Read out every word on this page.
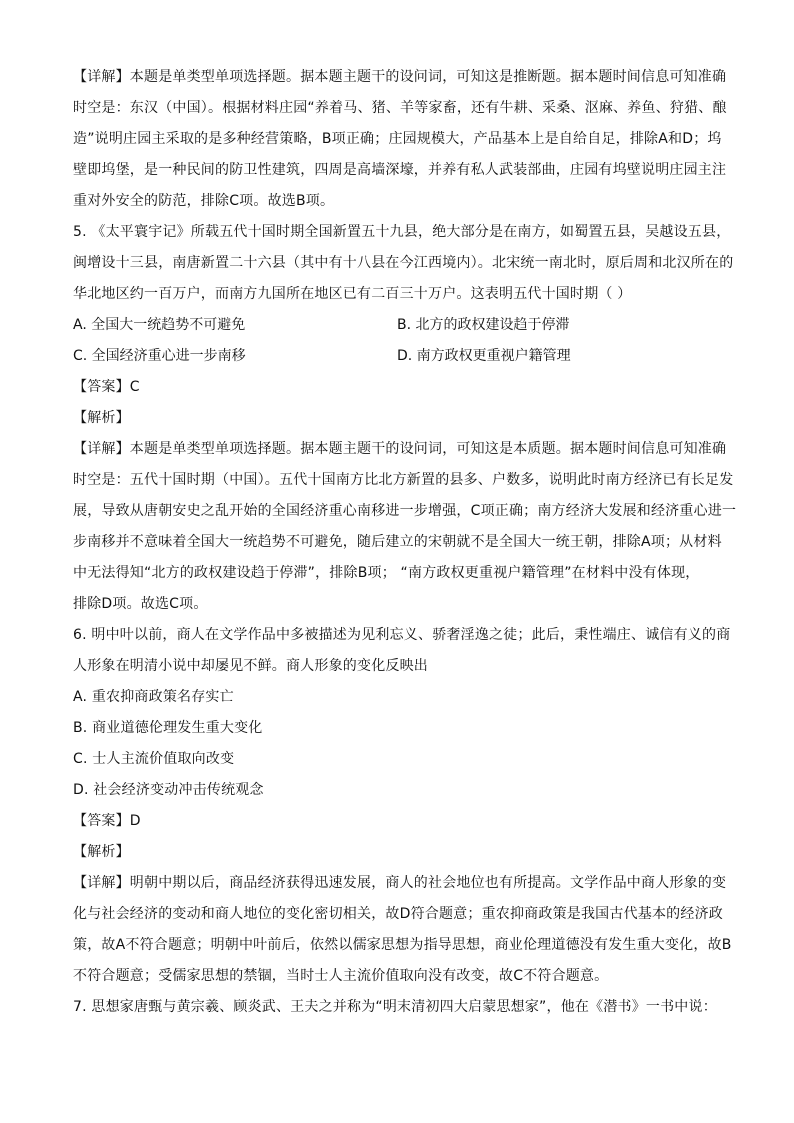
【详解】本题是单类型单项选择题。据本题主题干的设问词，可知这是推断题。据本题时间信息可知准确

时空是：东汉（中国）。根据材料庄园“养着马、猪、羊等家畜，还有牛耕、采桑、沤麻、养鱼、狩猎、酿

造”说明庄园主采取的是多种经营策略，B项正确；庄园规模大，产品基本上是自给自足，排除A和D；坞

壁即坞堡，是一种民间的防卫性建筑，四周是高墙深壕，并养有私人武装部曲，庄园有坞壁说明庄园主注

重对外安全的防范，排除C项。故选B项。

5. 《太平寰宇记》所载五代十国时期全国新置五十九县，绝大部分是在南方，如蜀置五县，吴越设五县，

闽增设十三县，南唐新置二十六县（其中有十八县在今江西境内）。北宋统一南北时，原后周和北汉所在的

华北地区约一百万户，而南方九国所在地区已有二百三十万户。这表明五代十国时期（ ）

A. 全国大一统趋势不可避免	B. 北方的政权建设趋于停滞
C. 全国经济重心进一步南移	D. 南方政权更重视户籍管理

【答案】C

【解析】

【详解】本题是单类型单项选择题。据本题主题干的设问词，可知这是本质题。据本题时间信息可知准确

时空是：五代十国时期（中国）。五代十国南方比北方新置的县多、户数多，说明此时南方经济已有长足发

展，导致从唐朝安史之乱开始的全国经济重心南移进一步增强，C项正确；南方经济大发展和经济重心进一

步南移并不意味着全国大一统趋势不可避免，随后建立的宋朝就不是全国大一统王朝，排除A项；从材料

中无法得知“北方的政权建设趋于停滞”，排除B项； “南方政权更重视户籍管理”在材料中没有体现，

排除D项。故选C项。

6. 明中叶以前，商人在文学作品中多被描述为见利忘义、骄奢淫逸之徒；此后，秉性端庄、诚信有义的商

人形象在明清小说中却屡见不鲜。商人形象的变化反映出

A. 重农抑商政策名存实亡

B. 商业道德伦理发生重大变化

C. 士人主流价值取向改变

D. 社会经济变动冲击传统观念

【答案】D

【解析】

【详解】明朝中期以后，商品经济获得迅速发展，商人的社会地位也有所提高。文学作品中商人形象的变

化与社会经济的变动和商人地位的变化密切相关，故D符合题意；重农抑商政策是我国古代基本的经济政

策，故A不符合题意；明朝中叶前后，依然以儒家思想为指导思想，商业伦理道德没有发生重大变化，故B

不符合题意；受儒家思想的禁锢，当时士人主流价值取向没有改变，故C不符合题意。

7. 思想家唐甄与黄宗羲、顾炎武、王夫之并称为“明末清初四大启蒙思想家”，他在《潜书》一书中说：
